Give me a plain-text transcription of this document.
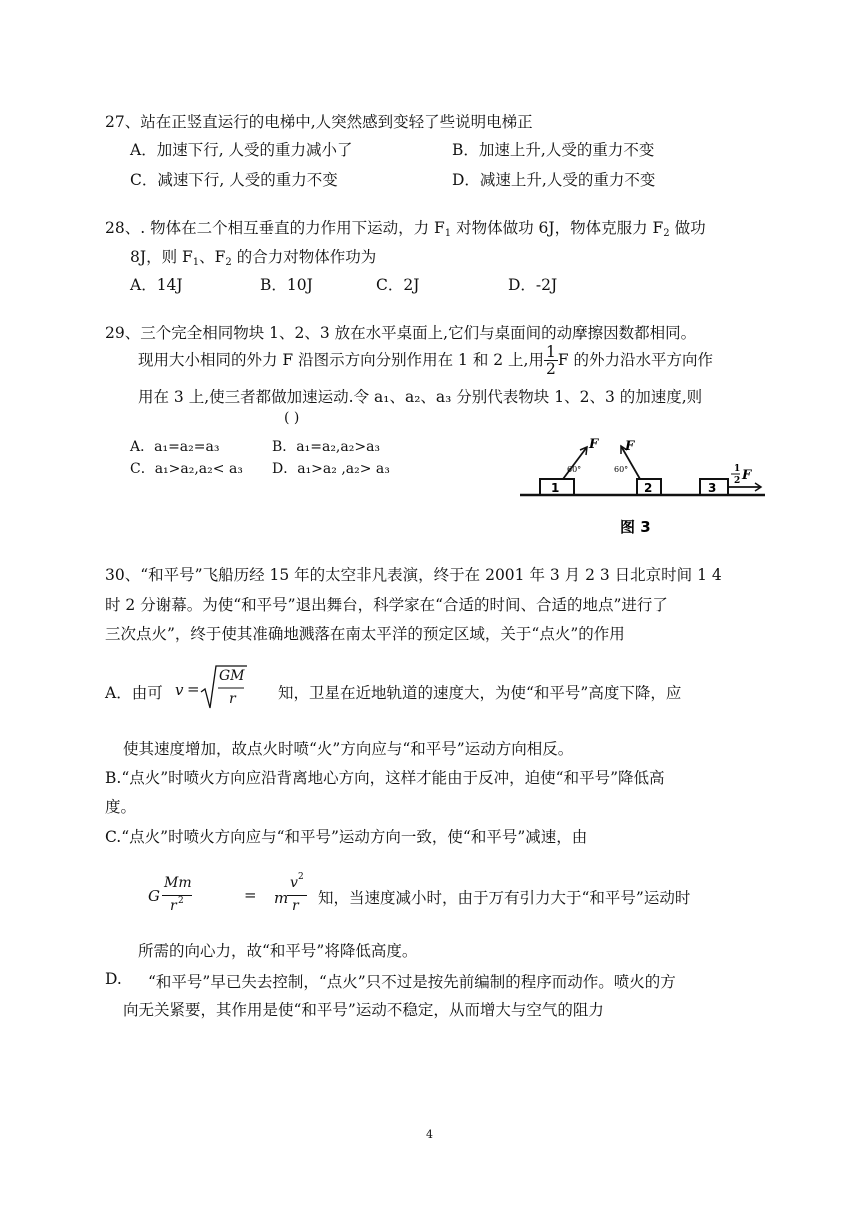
27、站在正竖直运行的电梯中,人突然感到变轻了些说明电梯正
A．加速下行, 人受的重力减小了	B．加速上升,人受的重力不变
C．减速下行, 人受的重力不变	D．减速上升,人受的重力不变
28、. 物体在二个相互垂直的力作用下运动，力 $F_1$ 对物体做功 6J，物体克服力 $F_2$ 做功
8J，则 $F_1$、$F_2$ 的合力对物体作功为
A．14J	B．10J	C．2J	D．-2J
29、三个完全相同物块 1、2、3 放在水平桌面上,它们与桌面间的动摩擦因数都相同。
现用大小相同的外力 F 沿图示方向分别作用在 1 和 2 上,用 $\frac{1}{2}$ F 的外力沿水平方向作
用在 3 上,使三者都做加速运动.令 a₁、a₂、a₃ 分别代表物块 1、2、3 的加速度,则
( )
A．a₁=a₂=a₃	B．a₁=a₂,a₂>a₃
C．a₁>a₂,a₂< a₃ D．a₁>a₂ ,a₂> a₃
1
F
60°
2
F
60°
3
1
2 F
图 3
30、“和平号”飞船历经 15 年的太空非凡表演，终于在 2001 年 3 月 2 3 日北京时间 1 4
时 2 分谢幕。为使“和平号”退出舞台，科学家在“合适的时间、合适的地点”进行了
三次点火”，终于使其准确地溅落在南太平洋的预定区域，关于“点火”的作用
A．由可 v =
GM
r	知，卫星在近地轨道的速度大，为使“和平号”高度下降，应
使其速度增加，故点火时喷“火”方向应与“和平号”运动方向相反。
B.“点火”时喷火方向应沿背离地心方向，这样才能由于反冲，迫使“和平号”降低高
度。
C.“点火”时喷火方向应与“和平号”运动方向一致，使“和平号”减速，由
G
Mm
r 2	= m
v 2
r 知，当速度减小时，由于万有引力大于“和平号”运动时
所需的向心力，故“和平号”将降低高度。
D. “和平号”早已失去控制，“点火”只不过是按先前编制的程序而动作。喷火的方
向无关紧要，其作用是使“和平号”运动不稳定，从而增大与空气的阻力
4
